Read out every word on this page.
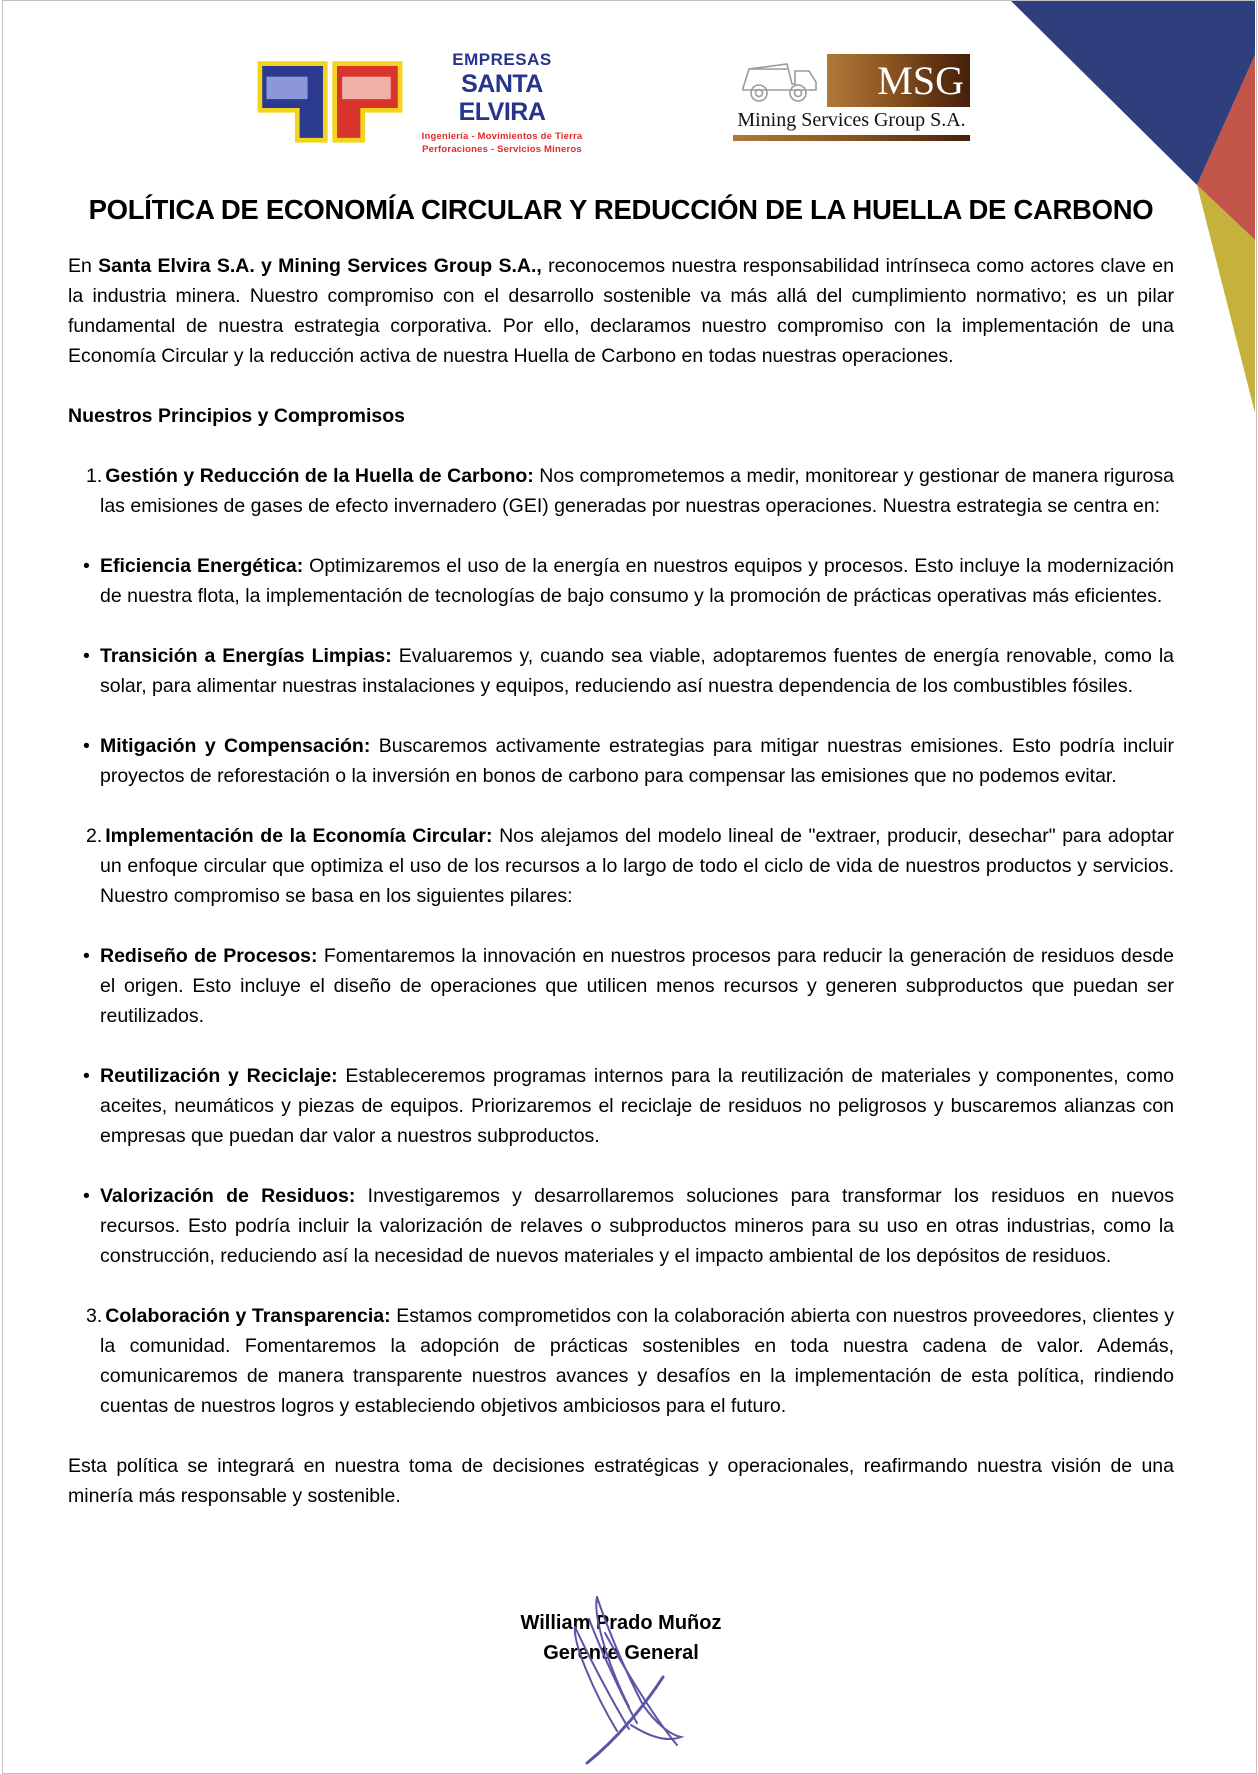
EMPRESAS
SANTA ELVIRA
Ingeniería - Movimientos de Tierra
Perforaciones - Servicios Mineros
MSG
Mining Services Group S.A.
POLÍTICA DE ECONOMÍA CIRCULAR Y REDUCCIÓN DE LA HUELLA DE CARBONO

En Santa Elvira S.A. y Mining Services Group S.A., reconocemos nuestra responsabilidad intrínseca como actores clave en la industria minera. Nuestro compromiso con el desarrollo sostenible va más allá del cumplimiento normativo; es un pilar fundamental de nuestra estrategia corporativa. Por ello, declaramos nuestro compromiso con la implementación de una Economía Circular y la reducción activa de nuestra Huella de Carbono en todas nuestras operaciones.

Nuestros Principios y Compromisos

1. Gestión y Reducción de la Huella de Carbono: Nos comprometemos a medir, monitorear y gestionar de manera rigurosa las emisiones de gases de efecto invernadero (GEI) generadas por nuestras operaciones. Nuestra estrategia se centra en:

• Eficiencia Energética: Optimizaremos el uso de la energía en nuestros equipos y procesos. Esto incluye la modernización de nuestra flota, la implementación de tecnologías de bajo consumo y la promoción de prácticas operativas más eficientes.

• Transición a Energías Limpias: Evaluaremos y, cuando sea viable, adoptaremos fuentes de energía renovable, como la solar, para alimentar nuestras instalaciones y equipos, reduciendo así nuestra dependencia de los combustibles fósiles.

• Mitigación y Compensación: Buscaremos activamente estrategias para mitigar nuestras emisiones. Esto podría incluir proyectos de reforestación o la inversión en bonos de carbono para compensar las emisiones que no podemos evitar.

2. Implementación de la Economía Circular: Nos alejamos del modelo lineal de "extraer, producir, desechar" para adoptar un enfoque circular que optimiza el uso de los recursos a lo largo de todo el ciclo de vida de nuestros productos y servicios. Nuestro compromiso se basa en los siguientes pilares:

• Rediseño de Procesos: Fomentaremos la innovación en nuestros procesos para reducir la generación de residuos desde el origen. Esto incluye el diseño de operaciones que utilicen menos recursos y generen subproductos que puedan ser reutilizados.

• Reutilización y Reciclaje: Estableceremos programas internos para la reutilización de materiales y componentes, como aceites, neumáticos y piezas de equipos. Priorizaremos el reciclaje de residuos no peligrosos y buscaremos alianzas con empresas que puedan dar valor a nuestros subproductos.

• Valorización de Residuos: Investigaremos y desarrollaremos soluciones para transformar los residuos en nuevos recursos. Esto podría incluir la valorización de relaves o subproductos mineros para su uso en otras industrias, como la construcción, reduciendo así la necesidad de nuevos materiales y el impacto ambiental de los depósitos de residuos.

3. Colaboración y Transparencia: Estamos comprometidos con la colaboración abierta con nuestros proveedores, clientes y la comunidad. Fomentaremos la adopción de prácticas sostenibles en toda nuestra cadena de valor. Además, comunicaremos de manera transparente nuestros avances y desafíos en la implementación de esta política, rindiendo cuentas de nuestros logros y estableciendo objetivos ambiciosos para el futuro.

Esta política se integrará en nuestra toma de decisiones estratégicas y operacionales, reafirmando nuestra visión de una minería más responsable y sostenible.

William Prado Muñoz
Gerente General
